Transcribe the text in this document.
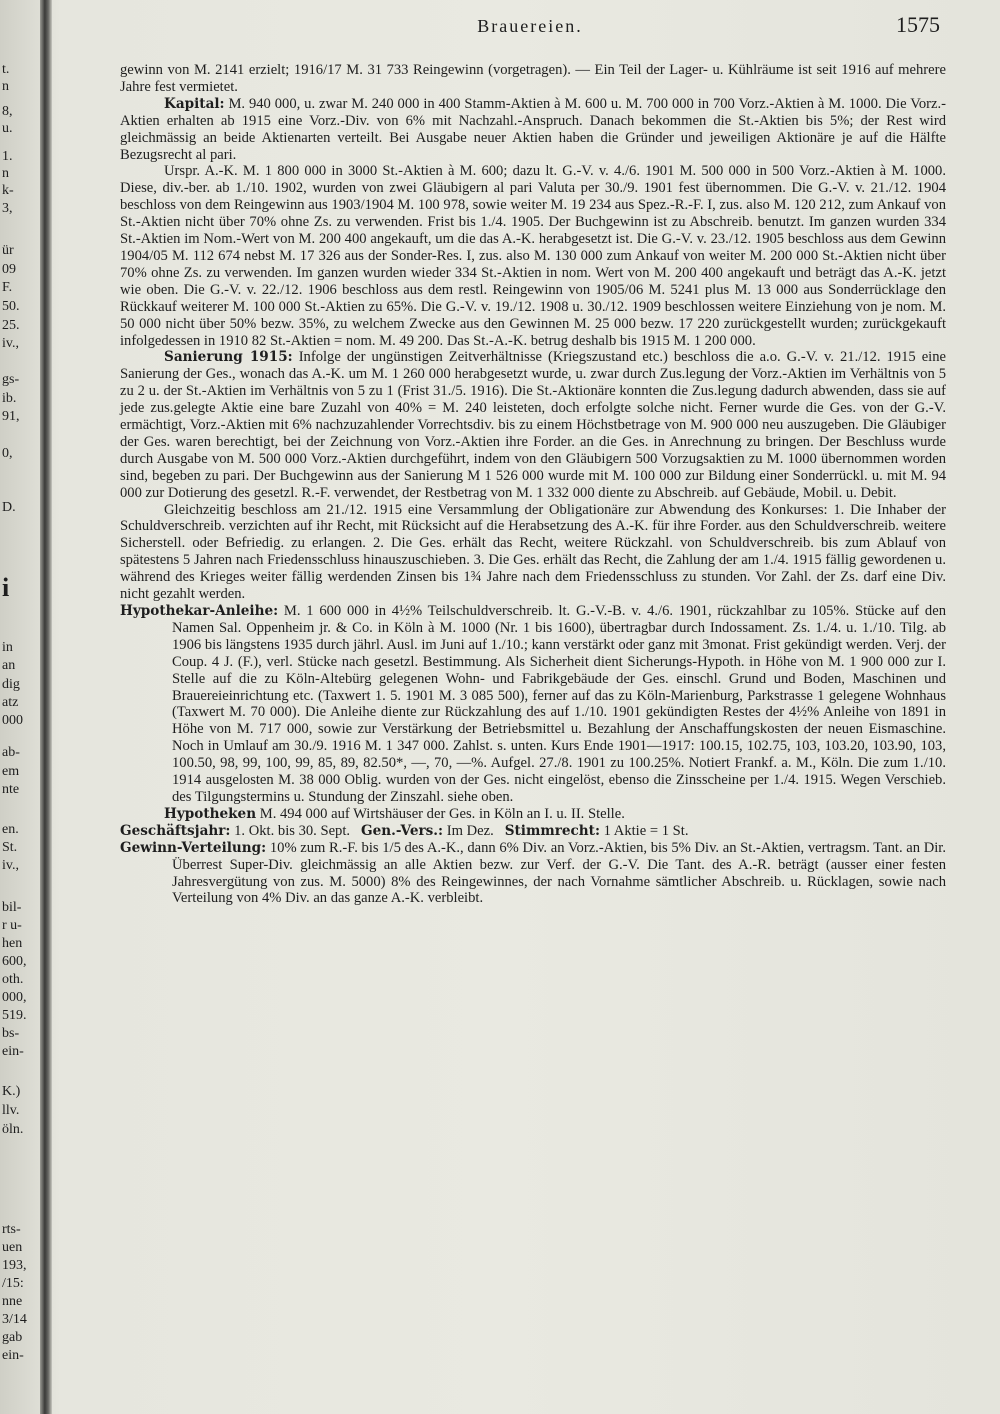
t.
n
8,
u.
1.
n
k-
3,
ür
09
F.
50.
25.
iv.,
gs-
ib.
91,
0,
D.
i
in
an
dig
atz
000
ab-
em
nte
en.
St.
iv.,
bil-
r u-
hen
600,
oth.
000,
519.
bs-
ein-
K.)
llv.
öln.
rts-
uen
193,
/15:
nne
3/14
gab
ein-
Brauereien.	1575

gewinn von M. 2141 erzielt; 1916/17 M. 31 733 Reingewinn (vorgetragen). — Ein Teil der Lager- u. Kühlräume ist seit 1916 auf mehrere Jahre fest vermietet.

Kapital: M. 940 000, u. zwar M. 240 000 in 400 Stamm-Aktien à M. 600 u. M. 700 000 in 700 Vorz.-Aktien à M. 1000. Die Vorz.-Aktien erhalten ab 1915 eine Vorz.-Div. von 6% mit Nachzahl.-Anspruch. Danach bekommen die St.-Aktien bis 5%; der Rest wird gleichmässig an beide Aktienarten verteilt. Bei Ausgabe neuer Aktien haben die Gründer und jeweiligen Aktionäre je auf die Hälfte Bezugsrecht al pari.

Urspr. A.-K. M. 1 800 000 in 3000 St.-Aktien à M. 600; dazu lt. G.-V. v. 4./6. 1901 M. 500 000 in 500 Vorz.-Aktien à M. 1000. Diese, div.-ber. ab 1./10. 1902, wurden von zwei Gläubigern al pari Valuta per 30./9. 1901 fest übernommen. Die G.-V. v. 21./12. 1904 beschloss von dem Reingewinn aus 1903/1904 M. 100 978, sowie weiter M. 19 234 aus Spez.-R.-F. I, zus. also M. 120 212, zum Ankauf von St.-Aktien nicht über 70% ohne Zs. zu verwenden. Frist bis 1./4. 1905. Der Buchgewinn ist zu Abschreib. benutzt. Im ganzen wurden 334 St.-Aktien im Nom.-Wert von M. 200 400 angekauft, um die das A.-K. herabgesetzt ist. Die G.-V. v. 23./12. 1905 beschloss aus dem Gewinn 1904/05 M. 112 674 nebst M. 17 326 aus der Sonder-Res. I, zus. also M. 130 000 zum Ankauf von weiter M. 200 000 St.-Aktien nicht über 70% ohne Zs. zu verwenden. Im ganzen wurden wieder 334 St.-Aktien in nom. Wert von M. 200 400 angekauft und beträgt das A.-K. jetzt wie oben. Die G.-V. v. 22./12. 1906 beschloss aus dem restl. Reingewinn von 1905/06 M. 5241 plus M. 13 000 aus Sonderrücklage den Rückkauf weiterer M. 100 000 St.-Aktien zu 65%. Die G.-V. v. 19./12. 1908 u. 30./12. 1909 beschlossen weitere Einziehung von je nom. M. 50 000 nicht über 50% bezw. 35%, zu welchem Zwecke aus den Gewinnen M. 25 000 bezw. 17 220 zurückgestellt wurden; zurückgekauft infolgedessen in 1910 82 St.-Aktien = nom. M. 49 200. Das St.-A.-K. betrug deshalb bis 1915 M. 1 200 000.

Sanierung 1915: Infolge der ungünstigen Zeitverhältnisse (Kriegszustand etc.) beschloss die a.o. G.-V. v. 21./12. 1915 eine Sanierung der Ges., wonach das A.-K. um M. 1 260 000 herabgesetzt wurde, u. zwar durch Zus.legung der Vorz.-Aktien im Verhältnis von 5 zu 2 u. der St.-Aktien im Verhältnis von 5 zu 1 (Frist 31./5. 1916). Die St.-Aktionäre konnten die Zus.legung dadurch abwenden, dass sie auf jede zus.gelegte Aktie eine bare Zuzahl von 40% = M. 240 leisteten, doch erfolgte solche nicht. Ferner wurde die Ges. von der G.-V. ermächtigt, Vorz.-Aktien mit 6% nachzuzahlender Vorrechtsdiv. bis zu einem Höchstbetrage von M. 900 000 neu auszugeben. Die Gläubiger der Ges. waren berechtigt, bei der Zeichnung von Vorz.-Aktien ihre Forder. an die Ges. in Anrechnung zu bringen. Der Beschluss wurde durch Ausgabe von M. 500 000 Vorz.-Aktien durchgeführt, indem von den Gläubigern 500 Vorzugsaktien zu M. 1000 übernommen worden sind, begeben zu pari. Der Buchgewinn aus der Sanierung M 1 526 000 wurde mit M. 100 000 zur Bildung einer Sonderrückl. u. mit M. 94 000 zur Dotierung des gesetzl. R.-F. verwendet, der Restbetrag von M. 1 332 000 diente zu Abschreib. auf Gebäude, Mobil. u. Debit.

Gleichzeitig beschloss am 21./12. 1915 eine Versammlung der Obligationäre zur Abwendung des Konkurses: 1. Die Inhaber der Schuldverschreib. verzichten auf ihr Recht, mit Rücksicht auf die Herabsetzung des A.-K. für ihre Forder. aus den Schuldverschreib. weitere Sicherstell. oder Befriedig. zu erlangen. 2. Die Ges. erhält das Recht, weitere Rückzahl. von Schuldverschreib. bis zum Ablauf von spätestens 5 Jahren nach Friedensschluss hinauszuschieben. 3. Die Ges. erhält das Recht, die Zahlung der am 1./4. 1915 fällig gewordenen u. während des Krieges weiter fällig werdenden Zinsen bis 1¾ Jahre nach dem Friedensschluss zu stunden. Vor Zahl. der Zs. darf eine Div. nicht gezahlt werden.

Hypothekar-Anleihe: M. 1 600 000 in 4½% Teilschuldverschreib. lt. G.-V.-B. v. 4./6. 1901, rückzahlbar zu 105%. Stücke auf den Namen Sal. Oppenheim jr. & Co. in Köln à M. 1000 (Nr. 1 bis 1600), übertragbar durch Indossament. Zs. 1./4. u. 1./10. Tilg. ab 1906 bis längstens 1935 durch jährl. Ausl. im Juni auf 1./10.; kann verstärkt oder ganz mit 3monat. Frist gekündigt werden. Verj. der Coup. 4 J. (F.), verl. Stücke nach gesetzl. Bestimmung. Als Sicherheit dient Sicherungs-Hypoth. in Höhe von M. 1 900 000 zur I. Stelle auf die zu Köln-Altebürg gelegenen Wohn- und Fabrikgebäude der Ges. einschl. Grund und Boden, Maschinen und Brauereieinrichtung etc. (Taxwert 1. 5. 1901 M. 3 085 500), ferner auf das zu Köln-Marienburg, Parkstrasse 1 gelegene Wohnhaus (Taxwert M. 70 000). Die Anleihe diente zur Rückzahlung des auf 1./10. 1901 gekündigten Restes der 4½% Anleihe von 1891 in Höhe von M. 717 000, sowie zur Verstärkung der Betriebsmittel u. Bezahlung der Anschaffungskosten der neuen Eismaschine. Noch in Umlauf am 30./9. 1916 M. 1 347 000. Zahlst. s. unten. Kurs Ende 1901—1917: 100.15, 102.75, 103, 103.20, 103.90, 103, 100.50, 98, 99, 100, 99, 85, 89, 82.50*, —, 70, —%. Aufgel. 27./8. 1901 zu 100.25%. Notiert Frankf. a. M., Köln. Die zum 1./10. 1914 ausgelosten M. 38 000 Oblig. wurden von der Ges. nicht eingelöst, ebenso die Zinsscheine per 1./4. 1915. Wegen Verschieb. des Tilgungstermins u. Stundung der Zinszahl. siehe oben.

Hypotheken M. 494 000 auf Wirtshäuser der Ges. in Köln an I. u. II. Stelle.

Geschäftsjahr: 1. Okt. bis 30. Sept. Gen.-Vers.: Im Dez. Stimmrecht: 1 Aktie = 1 St.

Gewinn-Verteilung: 10% zum R.-F. bis 1/5 des A.-K., dann 6% Div. an Vorz.-Aktien, bis 5% Div. an St.-Aktien, vertragsm. Tant. an Dir. Überrest Super-Div. gleichmässig an alle Aktien bezw. zur Verf. der G.-V. Die Tant. des A.-R. beträgt (ausser einer festen Jahresvergütung von zus. M. 5000) 8% des Reingewinnes, der nach Vornahme sämtlicher Abschreib. u. Rücklagen, sowie nach Verteilung von 4% Div. an das ganze A.-K. verbleibt.
